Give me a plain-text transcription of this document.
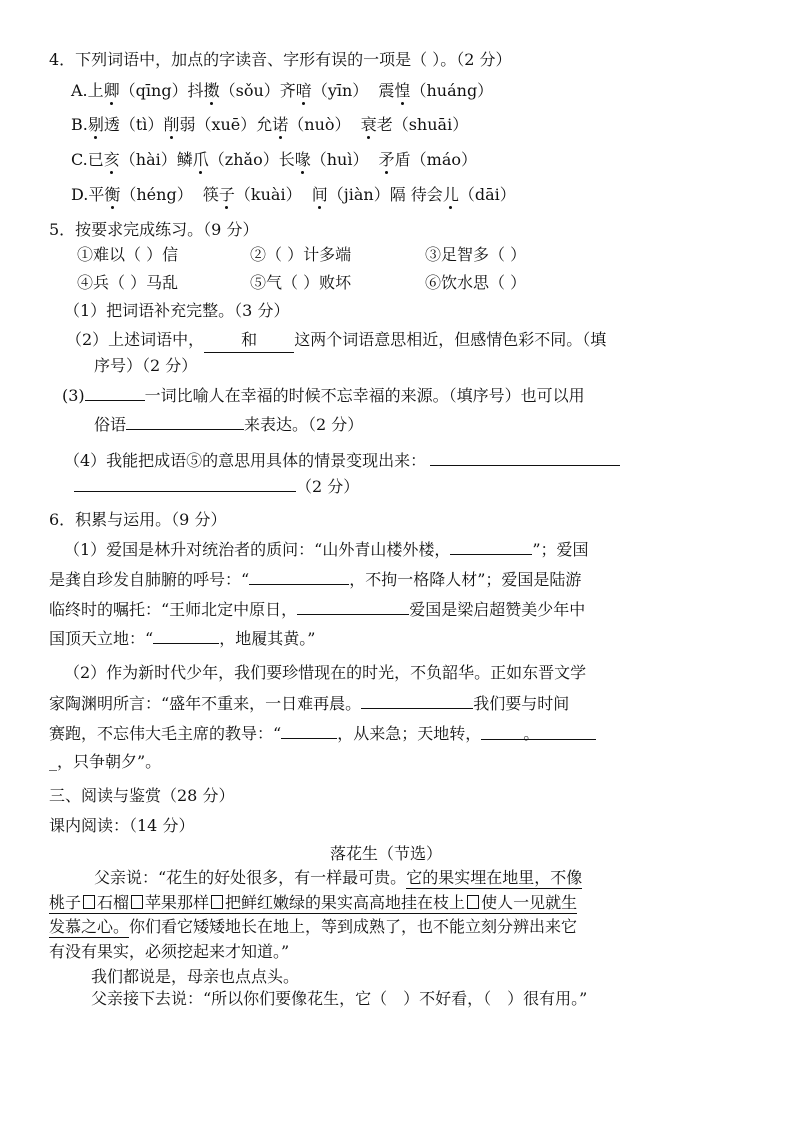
4．下列词语中，加点的字读音、字形有误的一项是（ ）。（2 分）
A.上卿（qīng）抖擞（sǒu）齐喑（yīn） 震惶（huáng）
B.剔透（tì）削弱（xuē）允诺（nuò） 衰老（shuāi）
C.已亥（hài）鳞爪（zhǎo）长喙（huì） 矛盾（máo）
D.平衡（héng） 筷子（kuài） 间（jiàn）隔 待会儿（dāi）
5．按要求完成练习。（9 分）
①难以（ ）信	②（ ）计多端	③足智多（ ）
④兵（ ）马乱	⑤气（ ）败坏	⑥饮水思（ ）
（1）把词语补充完整。（3 分）
（2）上述词语中， 和 这两个词语意思相近，但感情色彩不同。（填
序号）（2 分）
(3)	一词比喻人在幸福的时候不忘幸福的来源。（填序号）也可以用
俗语	来表达。（2 分）
（4）我能把成语⑤的意思用具体的情景变现出来：
（2 分）
6．积累与运用。（9 分）
（1）爱国是林升对统治者的质问：“山外青山楼外楼，	”；爱国
是龚自珍发自肺腑的呼号：“	，不拘一格降人材”；爱国是陆游
临终时的嘱托：“王师北定中原日，	爱国是梁启超赞美少年中
国顶天立地：“	，地履其黄。”
（2）作为新时代少年，我们要珍惜现在的时光，不负韶华。正如东晋文学
家陶渊明所言：“盛年不重来，一日难再晨。	我们要与时间
赛跑，不忘伟大毛主席的教导：“	，从来急；天地转，	。
_，只争朝夕”。
三、阅读与鉴赏（28 分）
课内阅读：（14 分）
落花生（节选）
父亲说：“花生的好处很多，有一样最可贵。它的果实埋在地里，不像
桃子 石榴 苹果那样 把鲜红嫩绿的果实高高地挂在枝上 使人一见就生
发慕之心。你们看它矮矮地长在地上，等到成熟了，也不能立刻分辨出来它
有没有果实，必须挖起来才知道。”
我们都说是，母亲也点点头。
父亲接下去说：“所以你们要像花生，它（　）不好看，（　）很有用。”
